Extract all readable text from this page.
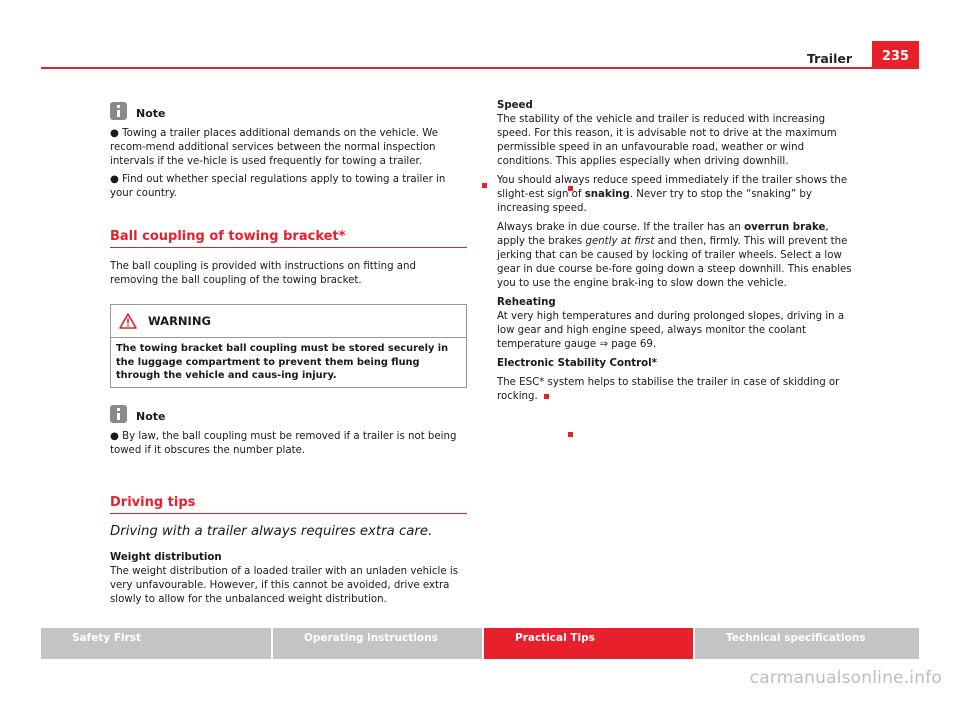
Trailer	235
Note

● Towing a trailer places additional demands on the vehicle. We recom-mend additional services between the normal inspection intervals if the ve-hicle is used frequently for towing a trailer.

● Find out whether special regulations apply to towing a trailer in your country.

Ball coupling of towing bracket*

The ball coupling is provided with instructions on fitting and removing the ball coupling of the towing bracket.

WARNING
The towing bracket ball coupling must be stored securely in the luggage compartment to prevent them being flung through the vehicle and caus-ing injury.
Note

● By law, the ball coupling must be removed if a trailer is not being towed if it obscures the number plate.

Driving tips

Driving with a trailer always requires extra care.

Weight distribution

The weight distribution of a loaded trailer with an unladen vehicle is very unfavourable. However, if this cannot be avoided, drive extra slowly to allow for the unbalanced weight distribution.

Speed

The stability of the vehicle and trailer is reduced with increasing speed. For this reason, it is advisable not to drive at the maximum permissible speed in an unfavourable road, weather or wind conditions. This applies especially when driving downhill.

You should always reduce speed immediately if the trailer shows the slight-est sign of snaking. Never try to stop the “snaking” by increasing speed.

Always brake in due course. If the trailer has an overrun brake, apply the brakes gently at first and then, firmly. This will prevent the jerking that can be caused by locking of trailer wheels. Select a low gear in due course be-fore going down a steep downhill. This enables you to use the engine brak-ing to slow down the vehicle.

Reheating

At very high temperatures and during prolonged slopes, driving in a low gear and high engine speed, always monitor the coolant temperature gauge ⇒ page 69.

Electronic Stability Control*

The ESC* system helps to stabilise the trailer in case of skidding or rocking.

Safety First	Operating instructions	Practical Tips	Technical specifications
carmanualsonline.info
